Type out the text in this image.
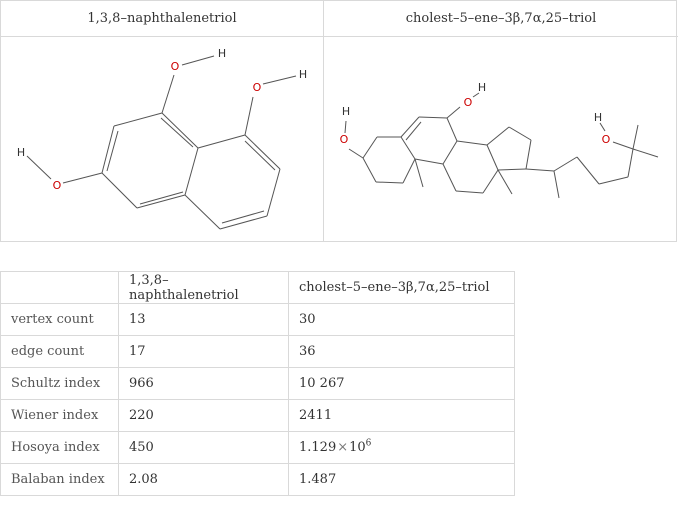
1,3,8–naphthalenetriol
O
H
O
H
O
H
cholest–5–ene–3β,7α,25–triol
O
H
O
H
O
H
	1,3,8–naphthalenetriol	cholest–5–ene–3β,7α,25–triol
vertex count	13	30
edge count	17	36
Schultz index	966	10 267
Wiener index	220	2411
Hosoya index	450	$1.129\times 10^6$
Balaban index	2.08	1.487
